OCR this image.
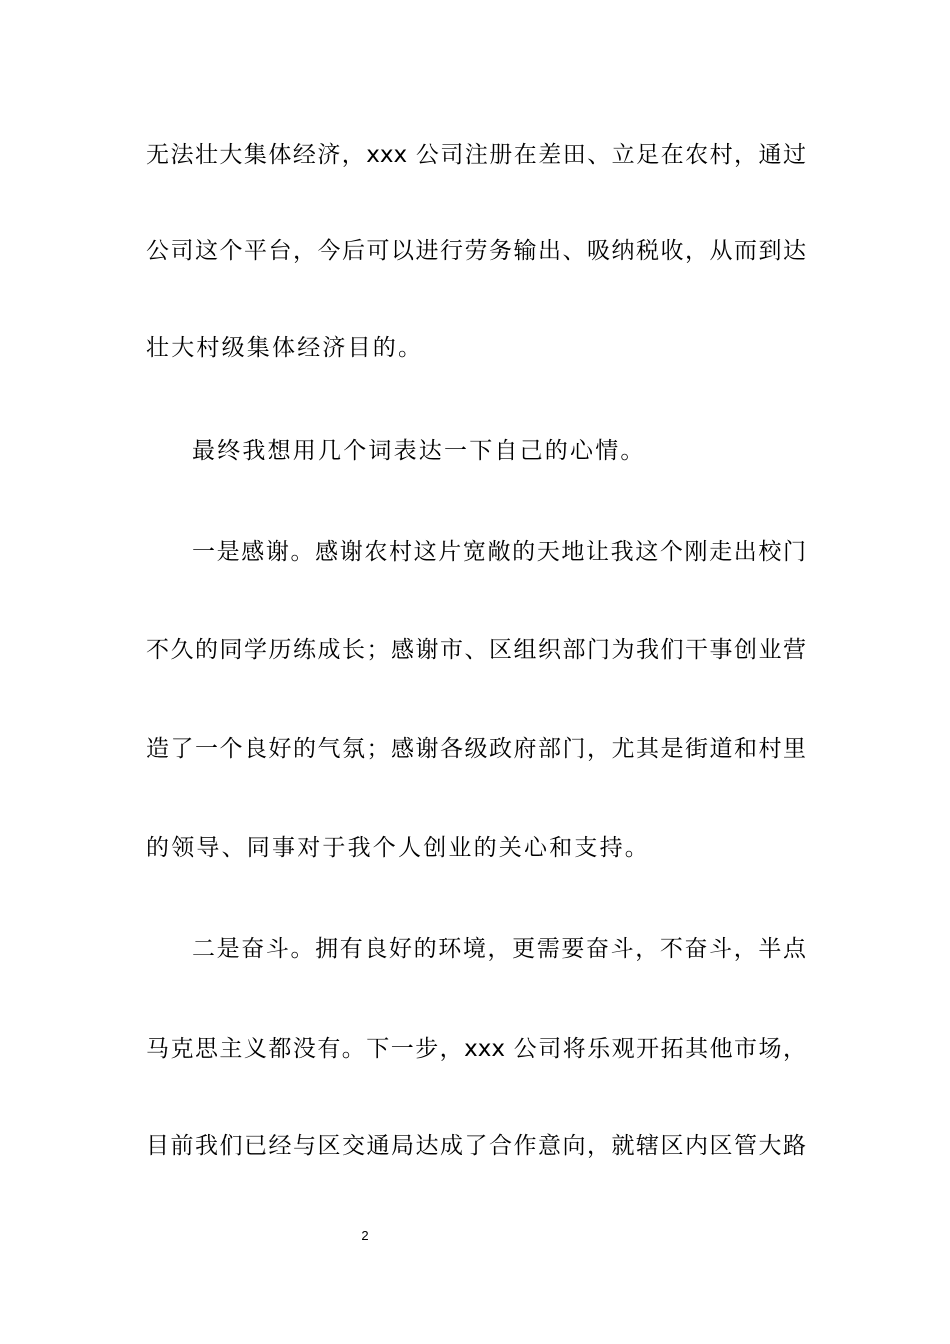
无法壮大集体经济，xxx 公司注册在差田、立足在农村，通过
公司这个平台，今后可以进行劳务输出、吸纳税收，从而到达
壮大村级集体经济目的。
最终我想用几个词表达一下自己的心情。
一是感谢。感谢农村这片宽敞的天地让我这个刚走出校门
不久的同学历练成长；感谢市、区组织部门为我们干事创业营
造了一个良好的气氛；感谢各级政府部门，尤其是街道和村里
的领导、同事对于我个人创业的关心和支持。
二是奋斗。拥有良好的环境，更需要奋斗，不奋斗，半点
马克思主义都没有。下一步，xxx 公司将乐观开拓其他市场，
目前我们已经与区交通局达成了合作意向，就辖区内区管大路
2
